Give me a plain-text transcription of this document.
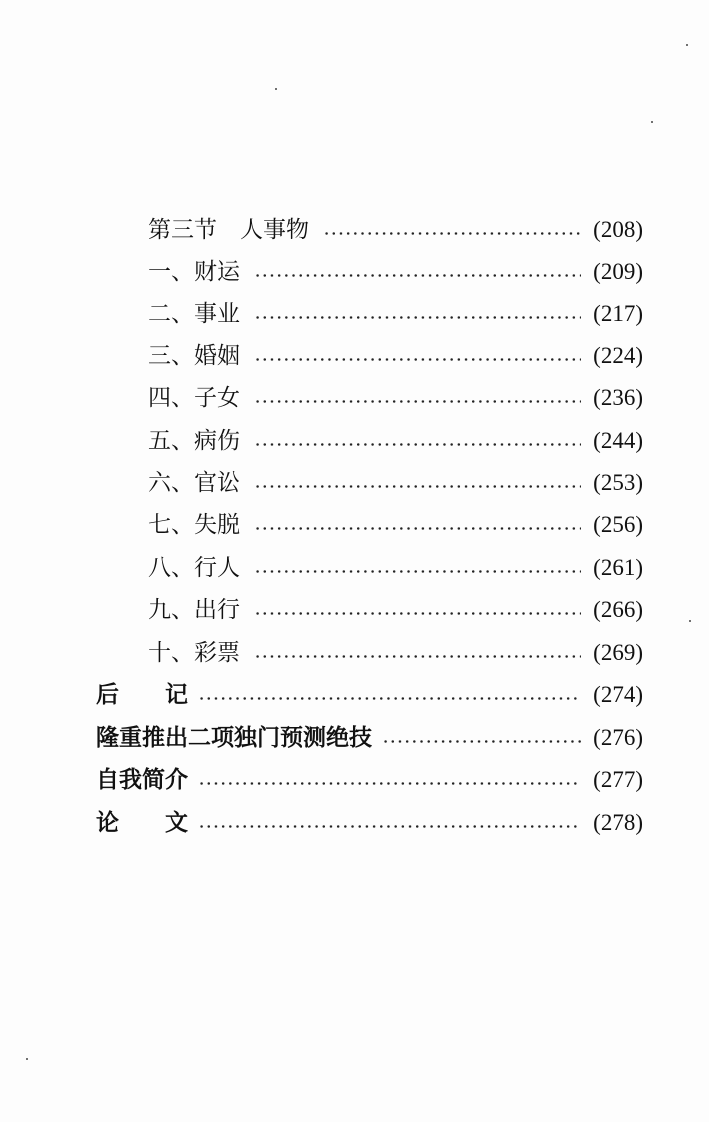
第三节　人事物	(208)
一、财运	(209)
二、事业	(217)
三、婚姻	(224)
四、子女	(236)
五、病伤	(244)
六、官讼	(253)
七、失脱	(256)
八、行人	(261)
九、出行	(266)
十、彩票	(269)
后　　记	(274)
隆重推出二项独门预测绝技	(276)
自我简介	(277)
论　　文	(278)
